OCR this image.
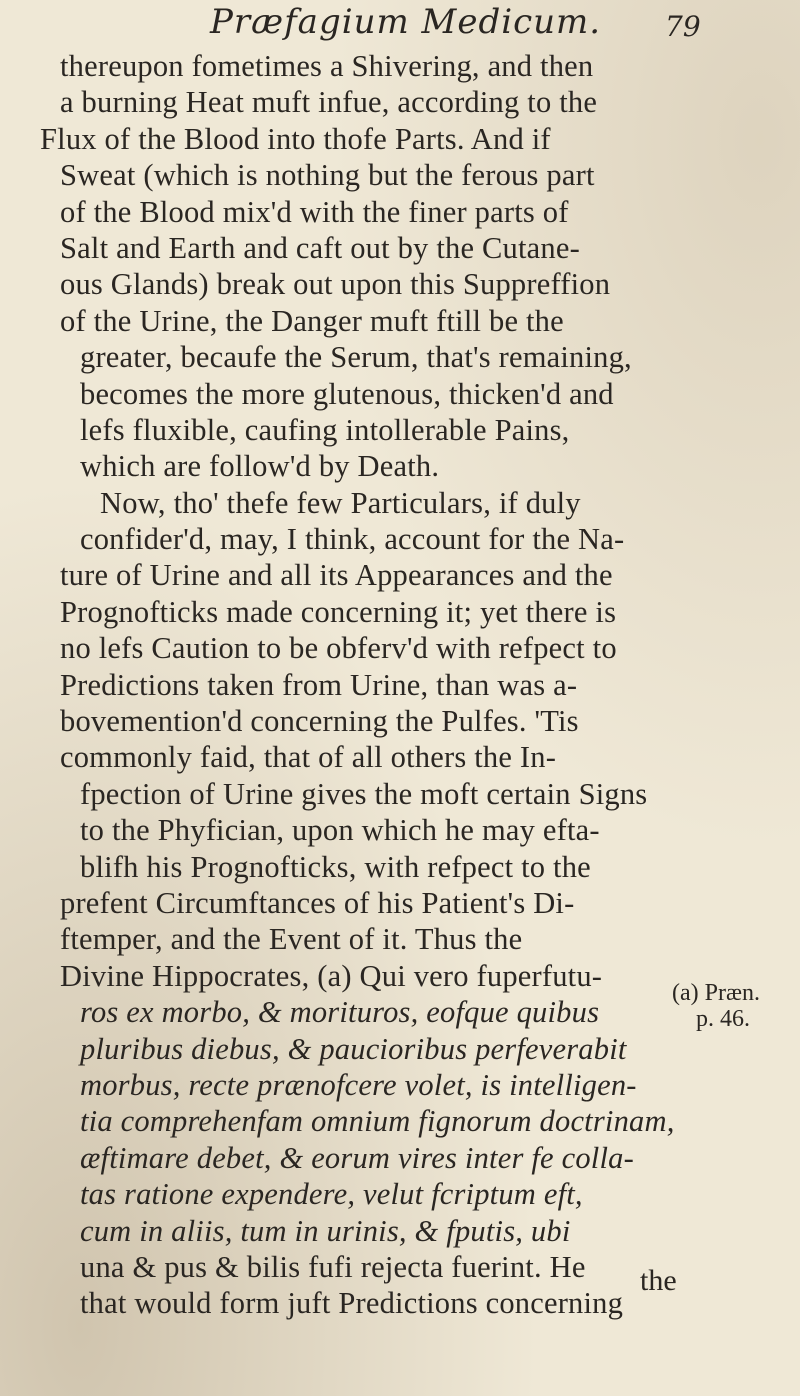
Præfagium Medicum. 79
thereupon fometimes a Shivering, and then
a burning Heat muft infue, according to the
Flux of the Blood into thofe Parts. And if
Sweat (which is nothing but the ferous part
of the Blood mix'd with the finer parts of
Salt and Earth and caft out by the Cutane-
ous Glands) break out upon this Suppreffion
of the Urine, the Danger muft ftill be the
greater, becaufe the Serum, that's remaining,
becomes the more glutenous, thicken'd and
lefs fluxible, caufing intollerable Pains,
which are follow'd by Death.
Now, tho' thefe few Particulars, if duly
confider'd, may, I think, account for the Na-
ture of Urine and all its Appearances and the
Prognofticks made concerning it; yet there is
no lefs Caution to be obferv'd with refpect to
Predictions taken from Urine, than was a-
bovemention'd concerning the Pulfes. 'Tis
commonly faid, that of all others the In-
fpection of Urine gives the moft certain Signs
to the Phyfician, upon which he may efta-
blifh his Prognofticks, with refpect to the
prefent Circumftances of his Patient's Di-
ftemper, and the Event of it. Thus the
Divine Hippocrates, (a) Qui vero fuperfutu-
ros ex morbo, & morituros, eofque quibus
pluribus diebus, & paucioribus perfeverabit
morbus, recte prænofcere volet, is intelligen-
tia comprehenfam omnium fignorum doctrinam,
æftimare debet, & eorum vires inter fe colla-
tas ratione expendere, velut fcriptum eft,
cum in aliis, tum in urinis, & fputis, ubi
una & pus & bilis fufi rejecta fuerint. He
that would form juft Predictions concerning
(a) Præn.
p. 46.
the
